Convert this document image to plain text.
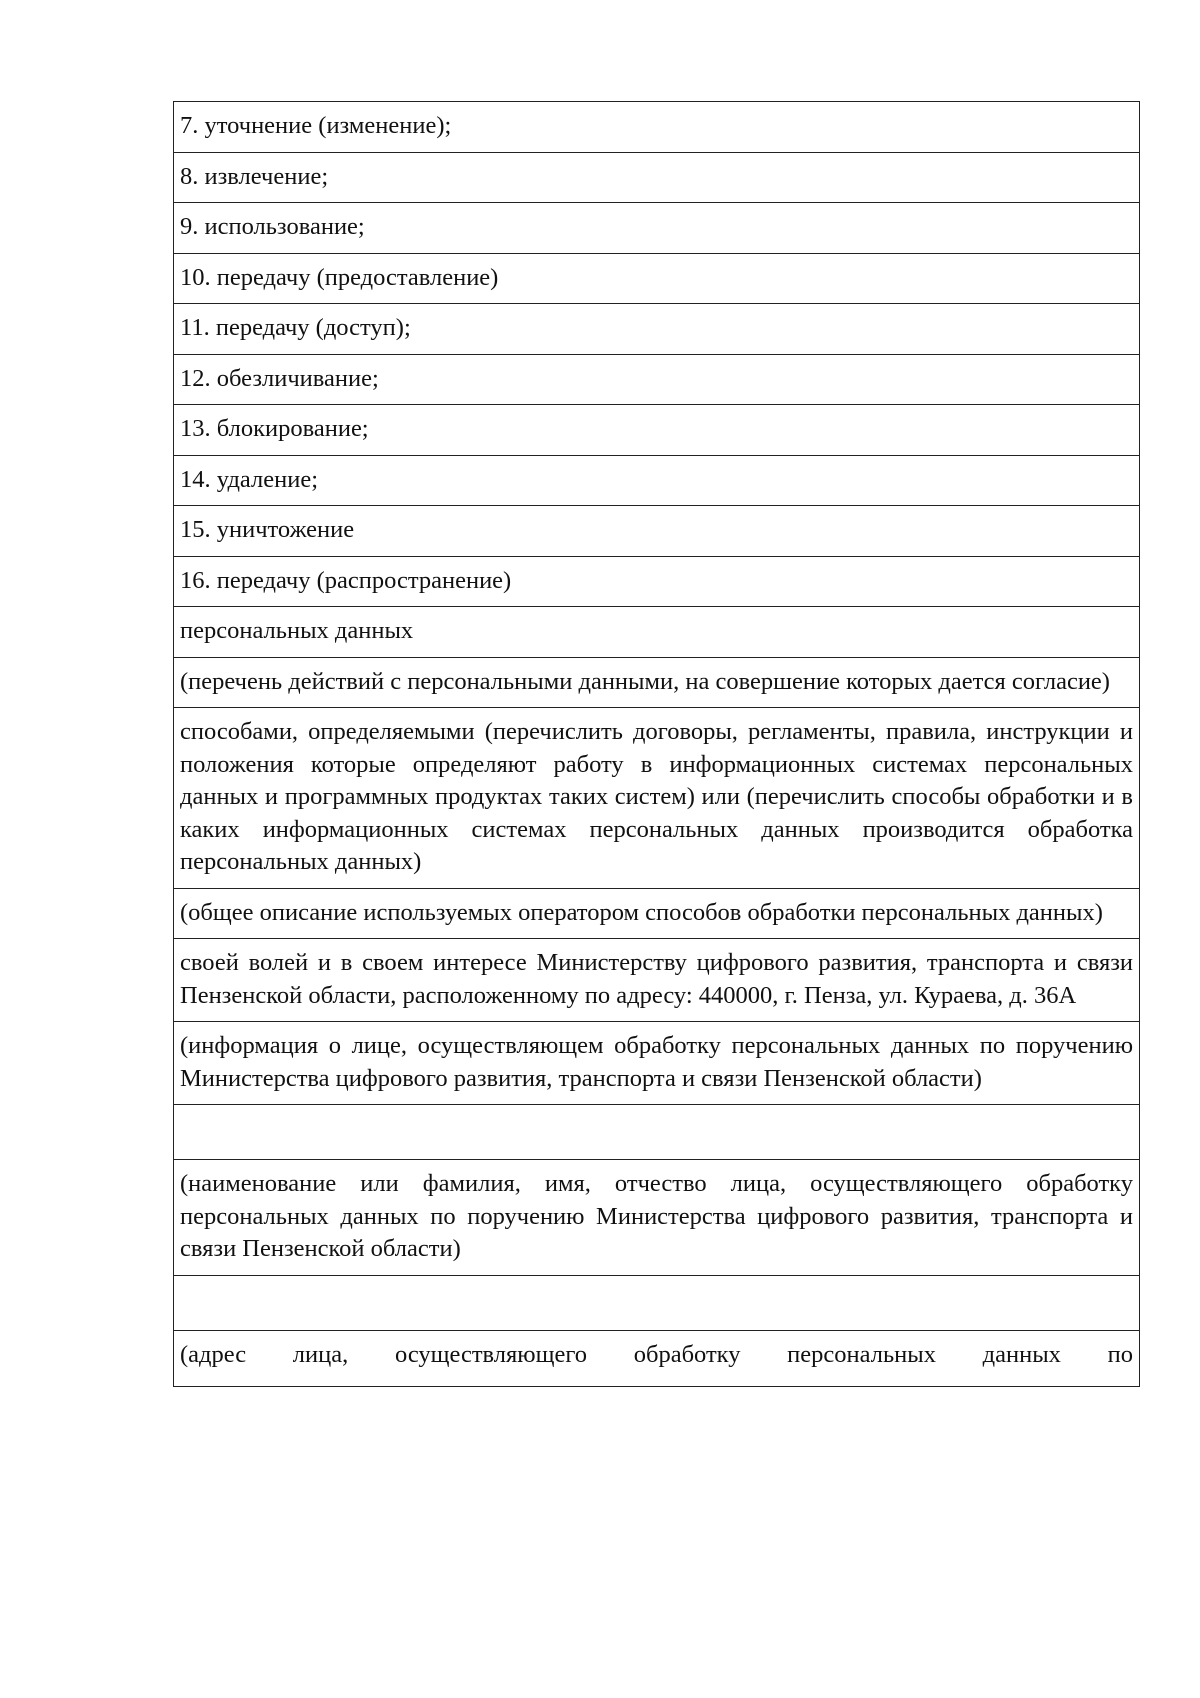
7. уточнение (изменение);
8. извлечение;
9. использование;
10. передачу (предоставление)
11. передачу (доступ);
12. обезличивание;
13. блокирование;
14. удаление;
15. уничтожение
16. передачу (распространение)
персональных данных
(перечень действий с персональными данными, на совершение которых дается согласие)
способами, определяемыми (перечислить договоры, регламенты, правила, инструкции и положения которые определяют работу в информационных системах персональных данных и программных продуктах таких систем) или (перечислить способы обработки и в каких информационных системах персональных данных производится обработка персональных данных)
(общее описание используемых оператором способов обработки персональных данных)
своей волей и в своем интересе Министерству цифрового развития, транспорта и связи Пензенской области, расположенному по адресу: 440000, г. Пенза, ул. Кураева, д. 36А
(информация о лице, осуществляющем обработку персональных данных по поручению Министерства цифрового развития, транспорта и связи Пензенской области)

(наименование или фамилия, имя, отчество лица, осуществляющего обработку персональных данных по поручению Министерства цифрового развития, транспорта и связи Пензенской области)

(адрес лица, осуществляющего обработку персональных данных по
